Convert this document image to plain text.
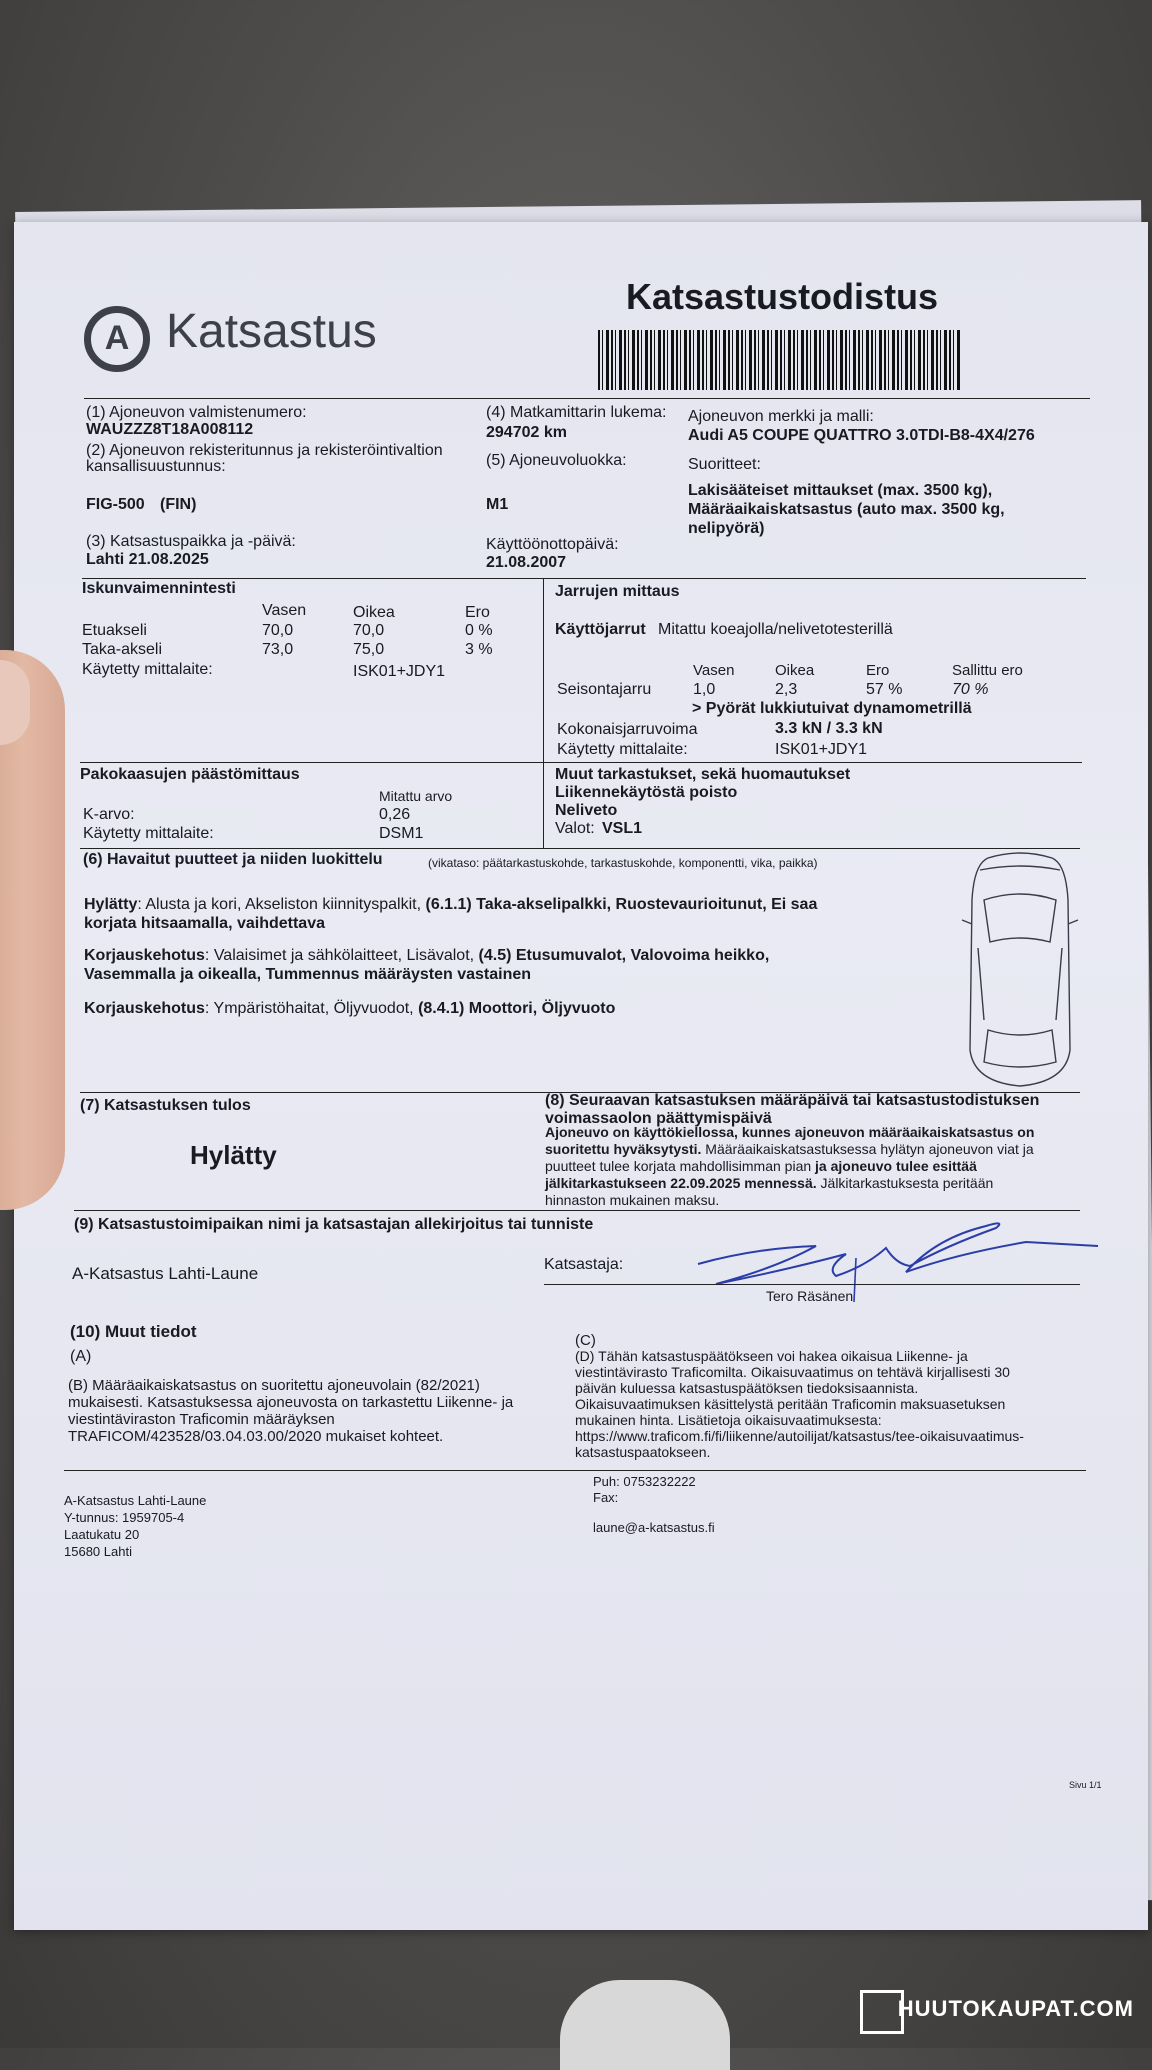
A Katsastus
Katsastustodistus
(1) Ajoneuvon valmistenumero:
WAUZZZ8T18A008112
(2) Ajoneuvon rekisteritunnus ja rekisteröintivaltion
kansallisuustunnus:
FIG-500 (FIN)
(3) Katsastuspaikka ja -päivä:
Lahti 21.08.2025
(4) Matkamittarin lukema:
294702 km
(5) Ajoneuvoluokka:
M1
Käyttöönottopäivä:
21.08.2007
Ajoneuvon merkki ja malli:
Audi A5 COUPE QUATTRO 3.0TDI-B8-4X4/276
Suoritteet:
Lakisääteiset mittaukset (max. 3500 kg),
Määräaikaiskatsastus (auto max. 3500 kg,
nelipyörä)
Iskunvaimennintesti
Vasen	Oikea	Ero
Etuakseli	70,0	70,0	0 %
Taka-akseli	73,0	75,0	3 %
Käytetty mittalaite:	ISK01+JDY1
Jarrujen mittaus
Käyttöjarrut Mitattu koeajolla/nelivetotesterillä
Vasen	Oikea	Ero	Sallittu ero
Seisontajarru	1,0	2,3	57 %	70 %
> Pyörät lukkiutuivat dynamometrillä
Kokonaisjarruvoima	3.3 kN / 3.3 kN
Käytetty mittalaite:	ISK01+JDY1
Pakokaasujen päästömittaus
Mitattu arvo
K-arvo:	0,26
Käytetty mittalaite:	DSM1
Muut tarkastukset, sekä huomautukset
Liikennekäytöstä poisto
Neliveto
Valot: VSL1
(6) Havaitut puutteet ja niiden luokittelu	(vikataso: päätarkastuskohde, tarkastuskohde, komponentti, vika, paikka)
Hylätty: Alusta ja kori, Akseliston kiinnityspalkit, (6.1.1) Taka-akselipalkki, Ruostevaurioitunut, Ei saa
korjata hitsaamalla, vaihdettava
Korjauskehotus: Valaisimet ja sähkölaitteet, Lisävalot, (4.5) Etusumuvalot, Valovoima heikko,
Vasemmalla ja oikealla, Tummennus määräysten vastainen
Korjauskehotus: Ympäristöhaitat, Öljyvuodot, (8.4.1) Moottori, Öljyvuoto
(7) Katsastuksen tulos
Hylätty
(8) Seuraavan katsastuksen määräpäivä tai katsastustodistuksen
voimassaolon päättymispäivä
Ajoneuvo on käyttökiellossa, kunnes ajoneuvon määräaikaiskatsastus on
suoritettu hyväksytysti. Määräaikaiskatsastuksessa hylätyn ajoneuvon viat ja
puutteet tulee korjata mahdollisimman pian ja ajoneuvo tulee esittää
jälkitarkastukseen 22.09.2025 mennessä. Jälkitarkastuksesta peritään
hinnaston mukainen maksu.
(9) Katsastustoimipaikan nimi ja katsastajan allekirjoitus tai tunniste
A-Katsastus Lahti-Laune	Katsastaja:
Tero Räsänen
(10) Muut tiedot
(A)
(B) Määräaikaiskatsastus on suoritettu ajoneuvolain (82/2021)
mukaisesti. Katsastuksessa ajoneuvosta on tarkastettu Liikenne- ja
viestintäviraston Traficomin määräyksen
TRAFICOM/423528/03.04.03.00/2020 mukaiset kohteet.
(C)
(D) Tähän katsastuspäätökseen voi hakea oikaisua Liikenne- ja
viestintävirasto Traficomilta. Oikaisuvaatimus on tehtävä kirjallisesti 30
päivän kuluessa katsastuspäätöksen tiedoksisaannista.
Oikaisuvaatimuksen käsittelystä peritään Traficomin maksuasetuksen
mukainen hinta. Lisätietoja oikaisuvaatimuksesta:
https://www.traficom.fi/fi/liikenne/autoilijat/katsastus/tee-oikaisuvaatimus-
katsastuspaatokseen.
A-Katsastus Lahti-Laune
Y-tunnus: 1959705-4
Laatukatu 20
15680 Lahti
Puh: 0753232222
Fax:
laune@a-katsastus.fi
Sivu 1/1
HUUTOKAUPAT.COM
